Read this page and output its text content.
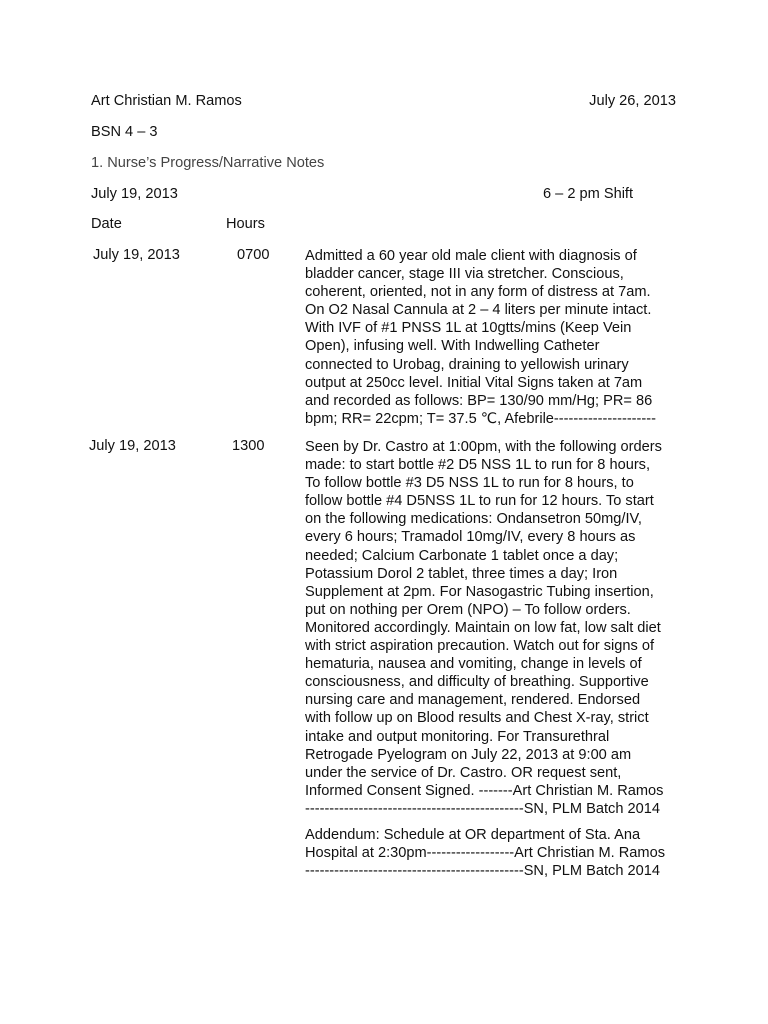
Art Christian M. Ramos	July 26, 2013
BSN 4 – 3
1. Nurse’s Progress/Narrative Notes
July 19, 2013	6 – 2 pm Shift
Date	Hours
July 19, 2013	0700 Admitted a 60 year old male client with diagnosis of
bladder cancer, stage III via stretcher. Conscious,
coherent, oriented, not in any form of distress at 7am.
On O2 Nasal Cannula at 2 – 4 liters per minute intact.
With IVF of #1 PNSS 1L at 10gtts/mins (Keep Vein
Open), infusing well. With Indwelling Catheter
connected to Urobag, draining to yellowish urinary
output at 250cc level. Initial Vital Signs taken at 7am
and recorded as follows: BP= 130/90 mm/Hg; PR= 86
bpm; RR= 22cpm; T= 37.5 ℃, Afebrile---------------------
July 19, 2013	1300	Seen by Dr. Castro at 1:00pm, with the following orders
made: to start bottle #2 D5 NSS 1L to run for 8 hours,
To follow bottle #3 D5 NSS 1L to run for 8 hours, to
follow bottle #4 D5NSS 1L to run for 12 hours. To start
on the following medications: Ondansetron 50mg/IV,
every 6 hours; Tramadol 10mg/IV, every 8 hours as
needed; Calcium Carbonate 1 tablet once a day;
Potassium Dorol 2 tablet, three times a day; Iron
Supplement at 2pm. For Nasogastric Tubing insertion,
put on nothing per Orem (NPO) – To follow orders.
Monitored accordingly. Maintain on low fat, low salt diet
with strict aspiration precaution. Watch out for signs of
hematuria, nausea and vomiting, change in levels of
consciousness, and difficulty of breathing. Supportive
nursing care and management, rendered. Endorsed
with follow up on Blood results and Chest X-ray, strict
intake and output monitoring. For Transurethral
Retrogade Pyelogram on July 22, 2013 at 9:00 am
under the service of Dr. Castro. OR request sent,
Informed Consent Signed. -------Art Christian M. Ramos
---------------------------------------------SN, PLM Batch 2014
Addendum: Schedule at OR department of Sta. Ana
Hospital at 2:30pm------------------Art Christian M. Ramos
---------------------------------------------SN, PLM Batch 2014
